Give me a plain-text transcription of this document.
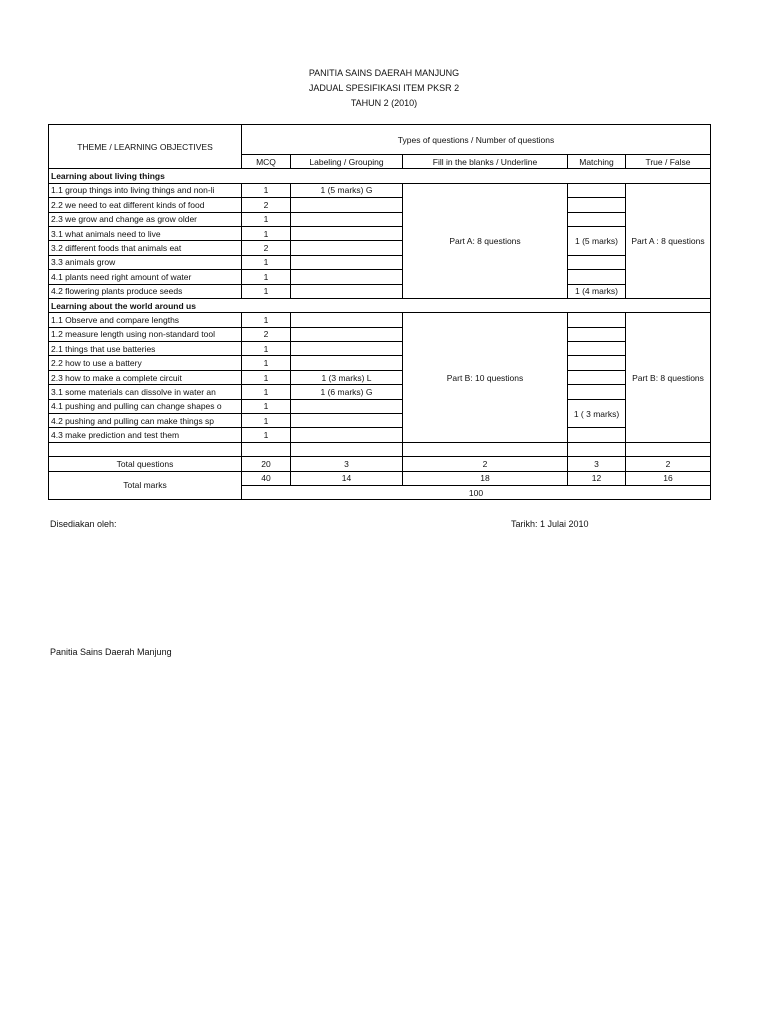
PANITIA SAINS DAERAH MANJUNG
JADUAL SPESIFIKASI ITEM PKSR 2
TAHUN 2 (2010)
THEME / LEARNING OBJECTIVES	Types of questions / Number of questions				
	MCQ	Labeling / Grouping	Fill in the blanks / Underline	Matching	True / False
Learning about living things					
1.1 group things into living things and non-li	1	1 (5 marks) G	Part A: 8 questions		Part A : 8 questions
2.2 we need to eat different kinds of food	2				
2.3 we grow and change as grow older	1				
3.1 what animals need to live	1			1 (5 marks)	
3.2 different foods that animals eat	2				
3.3 animals grow	1				
4.1 plants need right amount of water	1				
4.2 flowering plants produce seeds	1			1 (4 marks)	
Learning about the world around us					
1.1 Observe and compare lengths	1		Part B: 10 questions		Part B: 8 questions
1.2 measure length using non-standard tool	2				
2.1 things that use batteries	1				
2.2 how to use a battery	1				
2.3 how to make a complete circuit	1	1 (3 marks) L			
3.1 some materials can dissolve in water an	1	1 (6 marks) G			
4.1 pushing and pulling can change shapes o	1			1 ( 3 marks)	
4.2 pushing and pulling can make things sp	1				
4.3 make prediction and test them	1				

Total questions	20	3	2	3	2
Total marks	40	14	18	12	16
	100				
Disediakan oleh:	Tarikh: 1 Julai 2010
Panitia Sains Daerah Manjung
